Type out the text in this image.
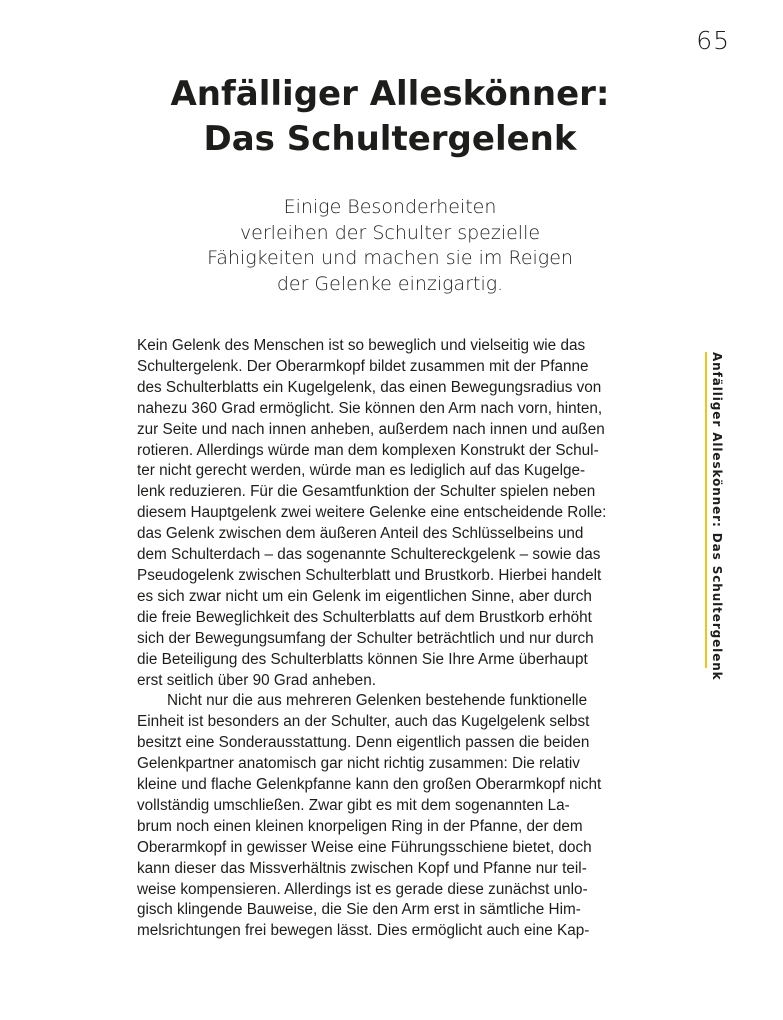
65
Anfälliger Alleskönner:
Das Schultergelenk
Einige Besonderheiten
verleihen der Schulter spezielle
Fähigkeiten und machen sie im Reigen
der Gelenke einzigartig.
Kein Gelenk des Menschen ist so beweglich und vielseitig wie das
Schultergelenk. Der Oberarmkopf bildet zusammen mit der Pfanne
des Schulterblatts ein Kugelgelenk, das einen Bewegungsradius von
nahezu 360 Grad ermöglicht. Sie können den Arm nach vorn, hinten,
zur Seite und nach innen anheben, außerdem nach innen und außen
rotieren. Allerdings würde man dem komplexen Konstrukt der Schul-
ter nicht gerecht werden, würde man es lediglich auf das Kugelge-
lenk reduzieren. Für die Gesamtfunktion der Schulter spielen neben
diesem Hauptgelenk zwei weitere Gelenke eine entscheidende Rolle:
das Gelenk zwischen dem äußeren Anteil des Schlüsselbeins und
dem Schulterdach – das sogenannte Schultereckgelenk – sowie das
Pseudogelenk zwischen Schulterblatt und Brustkorb. Hierbei handelt
es sich zwar nicht um ein Gelenk im eigentlichen Sinne, aber durch
die freie Beweglichkeit des Schulterblatts auf dem Brustkorb erhöht
sich der Bewegungsumfang der Schulter beträchtlich und nur durch
die Beteiligung des Schulterblatts können Sie Ihre Arme überhaupt
erst seitlich über 90 Grad anheben.
Nicht nur die aus mehreren Gelenken bestehende funktionelle
Einheit ist besonders an der Schulter, auch das Kugelgelenk selbst
besitzt eine Sonderausstattung. Denn eigentlich passen die beiden
Gelenkpartner anatomisch gar nicht richtig zusammen: Die relativ
kleine und flache Gelenkpfanne kann den großen Oberarmkopf nicht
vollständig umschließen. Zwar gibt es mit dem sogenannten La-
brum noch einen kleinen knorpeligen Ring in der Pfanne, der dem
Oberarmkopf in gewisser Weise eine Führungsschiene bietet, doch
kann dieser das Missverhältnis zwischen Kopf und Pfanne nur teil-
weise kompensieren. Allerdings ist es gerade diese zunächst unlo-
gisch klingende Bauweise, die Sie den Arm erst in sämtliche Him-
melsrichtungen frei bewegen lässt. Dies ermöglicht auch eine Kap-
Anfälliger Alleskönner: Das Schultergelenk
